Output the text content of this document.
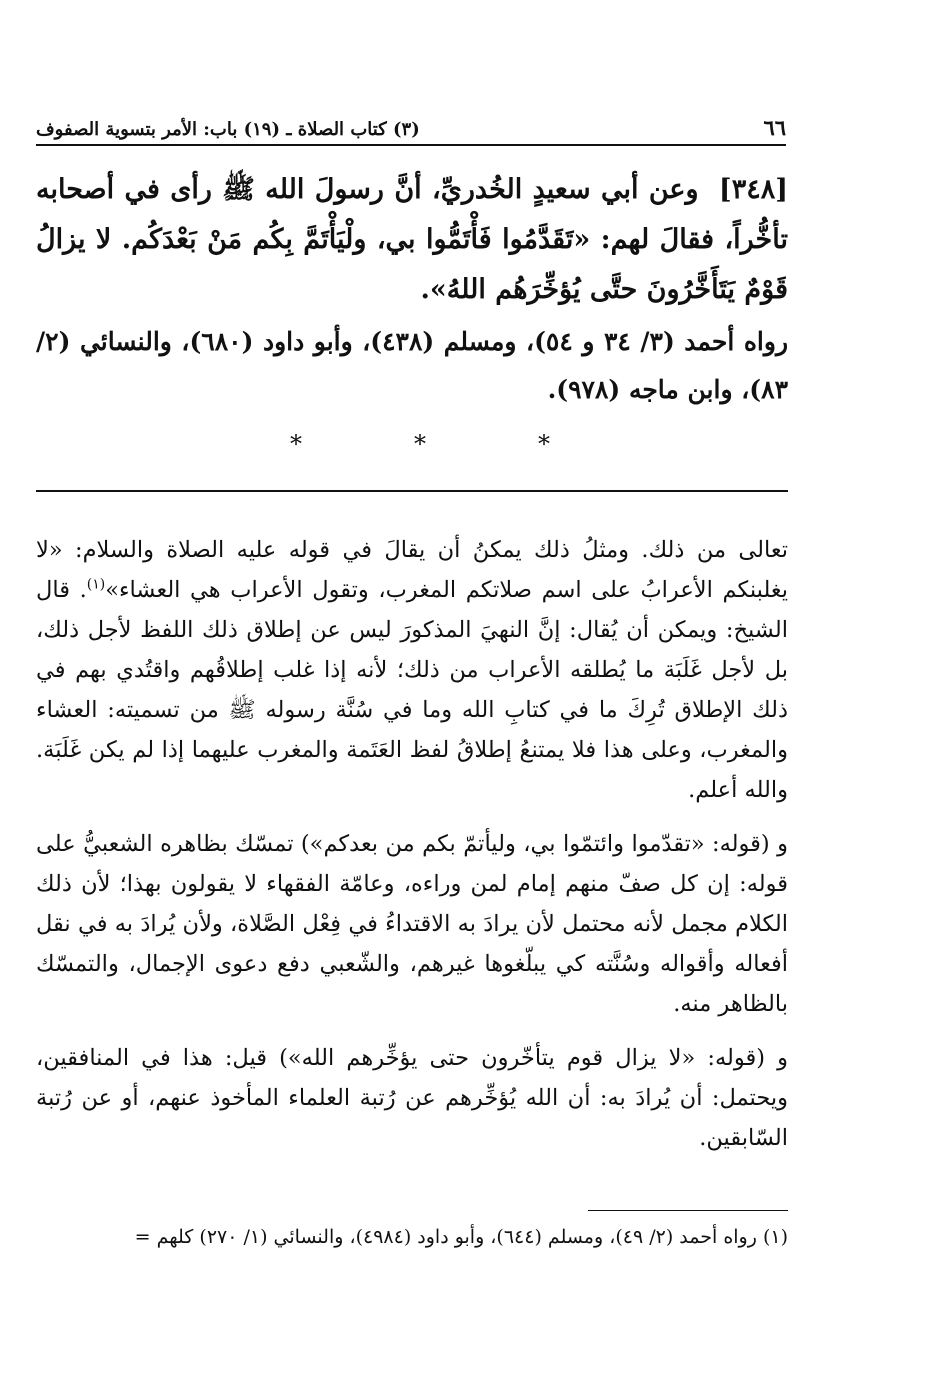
٦٦
(٣) كتاب الصلاة ـ (١٩) باب: الأمر بتسوية الصفوف
[٣٤٨] وعن أبي سعيدٍ الخُدريِّ، أنَّ رسولَ الله ﷺ رأى في أصحابه تأخُّراً، فقالَ لهم: «تَقَدَّمُوا فَأْتَمُّوا بي، ولْيَأْتَمَّ بِكُم مَنْ بَعْدَكُم. لا يزالُ قَوْمٌ يَتَأَخَّرُونَ حتَّى يُؤخِّرَهُم اللهُ».
رواه أحمد (٣/ ٣٤ و ٥٤)، ومسلم (٤٣٨)، وأبو داود (٦٨٠)، والنسائي (٢/ ٨٣)، وابن ماجه (٩٧٨).
*
*
*

تعالى من ذلك. ومثلُ ذلك يمكنُ أن يقالَ في قوله عليه الصلاة والسلام: «لا يغلبنكم الأعرابُ على اسم صلاتكم المغرب، وتقول الأعراب هي العشاء»$^{(١)}$. قال الشيخ: ويمكن أن يُقال: إنَّ النهيَ المذكورَ ليس عن إطلاق ذلك اللفظ لأجل ذلك، بل لأجل غَلَبَة ما يُطلقه الأعراب من ذلك؛ لأنه إذا غلب إطلاقُهم واقتُدي بهم في ذلك الإطلاق تُرِكَ ما في كتابِ الله وما في سُنَّة رسوله ﷺ من تسميته: العشاء والمغرب، وعلى هذا فلا يمتنعُ إطلاقُ لفظ العَتَمة والمغرب عليهما إذا لم يكن غَلَبَة. والله أعلم.

و (قوله: «تقدّموا وائتمّوا بي، وليأتمّ بكم من بعدكم») تمسّك بظاهره الشعبيُّ على قوله: إن كل صفّ منهم إمام لمن وراءه، وعامّة الفقهاء لا يقولون بهذا؛ لأن ذلك الكلام مجمل لأنه محتمل لأن يرادَ به الاقتداءُ في فِعْل الصَّلاة، ولأن يُرادَ به في نقل أفعاله وأقواله وسُنَّته كي يبلّغوها غيرهم، والشّعبي دفع دعوى الإجمال، والتمسّك بالظاهر منه.

و (قوله: «لا يزال قوم يتأخّرون حتى يؤخِّرهم الله») قيل: هذا في المنافقين، ويحتمل: أن يُرادَ به: أن الله يُؤخِّرهم عن رُتبة العلماء المأخوذ عنهم، أو عن رُتبة السّابقين.

(١) رواه أحمد (٢/ ٤٩)، ومسلم (٦٤٤)، وأبو داود (٤٩٨٤)، والنسائي (١/ ٢٧٠) كلهم =
